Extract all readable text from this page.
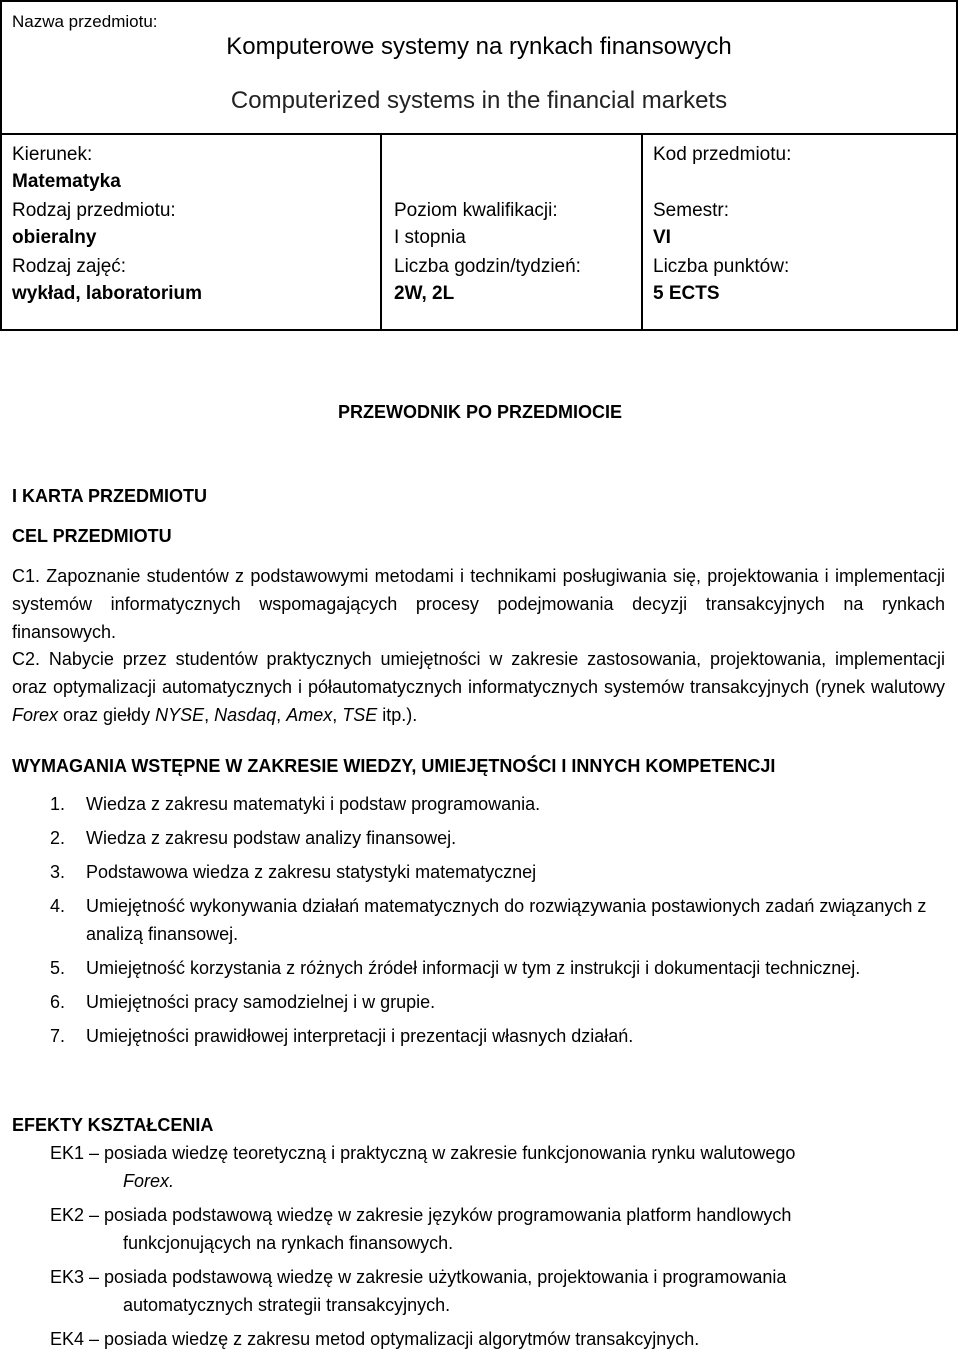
Nazwa przedmiotu:
Komputerowe systemy na rynkach finansowych
Computerized systems in the financial markets
Kierunek:
Matematyka
Rodzaj przedmiotu:
obieralny
Rodzaj zajęć:
wykład, laboratorium
Poziom kwalifikacji:
I stopnia
Liczba godzin/tydzień:
2W, 2L
Kod przedmiotu:
Semestr:
VI
Liczba punktów:
5 ECTS
PRZEWODNIK PO PRZEDMIOCIE
I KARTA PRZEDMIOTU
CEL PRZEDMIOTU
C1. Zapoznanie studentów z podstawowymi metodami i technikami posługiwania się, projektowania i implementacji systemów informatycznych wspomagających procesy podejmowania decyzji transakcyjnych na rynkach finansowych.
C2. Nabycie przez studentów praktycznych umiejętności w zakresie zastosowania, projektowania, implementacji oraz optymalizacji automatycznych i półautomatycznych informatycznych systemów transakcyjnych (rynek walutowy Forex oraz giełdy NYSE, Nasdaq, Amex, TSE itp.).
WYMAGANIA WSTĘPNE W ZAKRESIE WIEDZY, UMIEJĘTNOŚCI I INNYCH KOMPETENCJI
1. Wiedza z zakresu matematyki i podstaw programowania.
2. Wiedza z zakresu podstaw analizy finansowej.
3. Podstawowa wiedza z zakresu statystyki matematycznej
4. Umiejętność wykonywania działań matematycznych do rozwiązywania postawionych zadań związanych z analizą finansowej.
5. Umiejętność korzystania z różnych źródeł informacji w tym z instrukcji i dokumentacji technicznej.
6. Umiejętności pracy samodzielnej i w grupie.
7. Umiejętności prawidłowej interpretacji i prezentacji własnych działań.
EFEKTY KSZTAŁCENIA
EK1 – posiada wiedzę teoretyczną i praktyczną w zakresie funkcjonowania rynku walutowego
Forex.
EK2 – posiada podstawową wiedzę w zakresie języków programowania platform handlowych
funkcjonujących na rynkach finansowych.
EK3 – posiada podstawową wiedzę w zakresie użytkowania, projektowania i programowania
automatycznych strategii transakcyjnych.
EK4 – posiada wiedzę z zakresu metod optymalizacji algorytmów transakcyjnych.
